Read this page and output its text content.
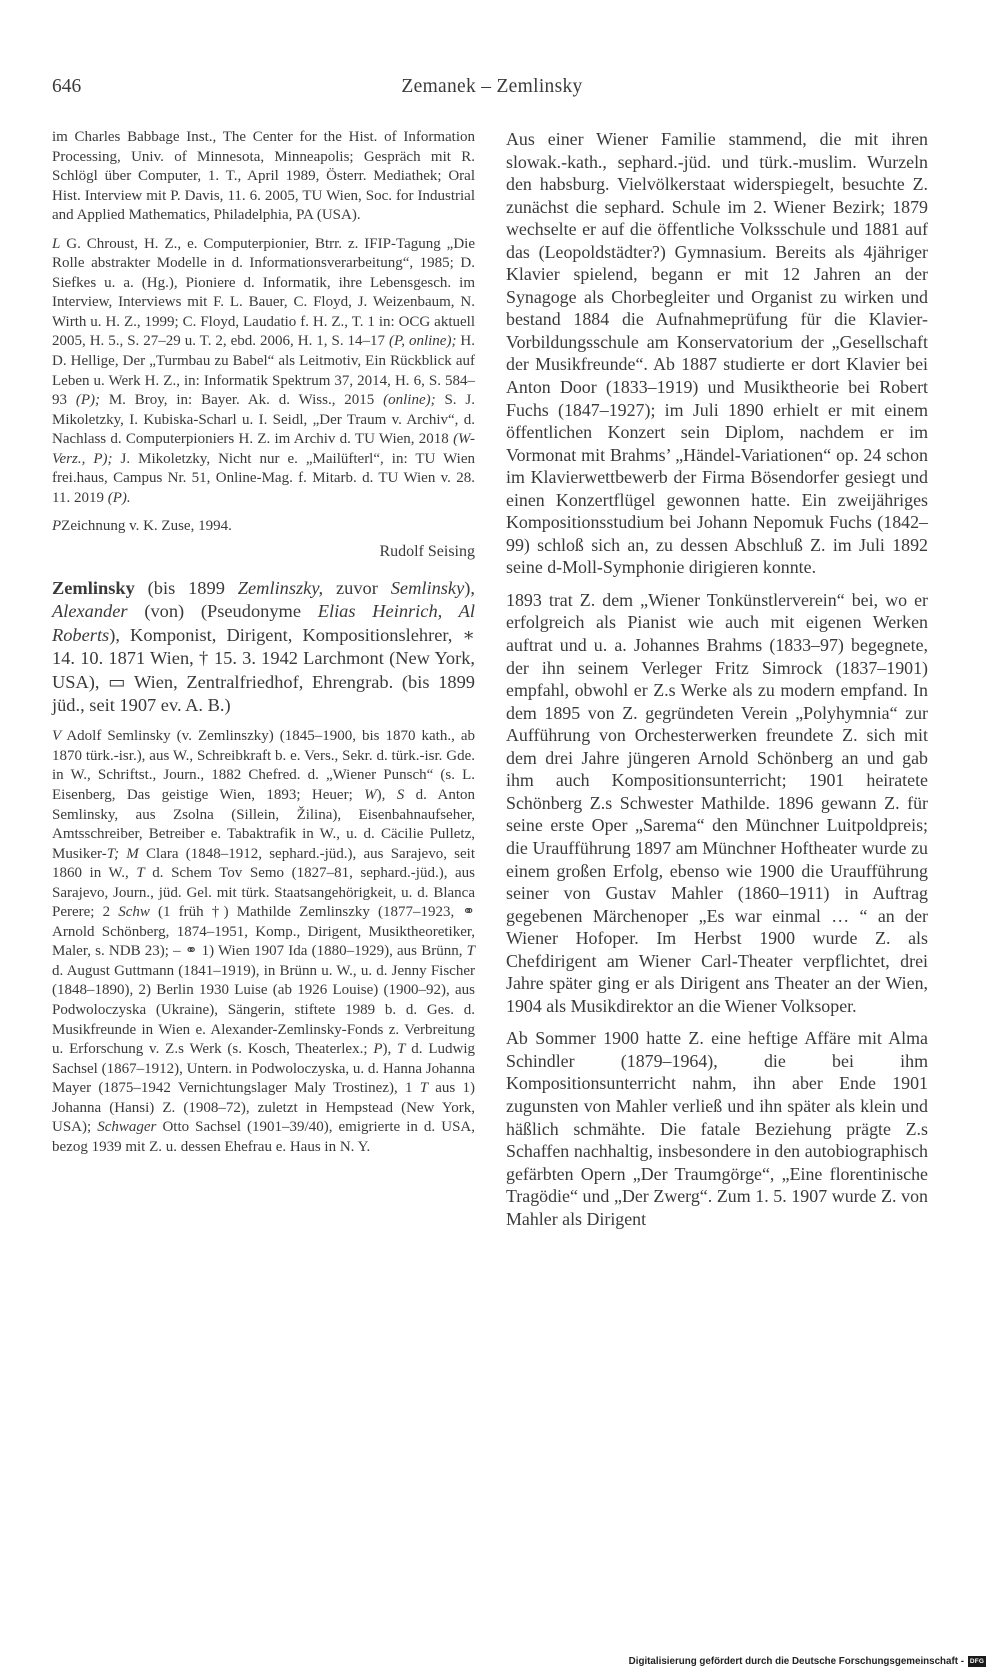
646	Zemanek – Zemlinsky

im Charles Babbage Inst., The Center for the Hist. of Information Processing, Univ. of Minnesota, Minneapolis; Gespräch mit R. Schlögl über Computer, 1. T., April 1989, Österr. Mediathek; Oral Hist. Interview mit P. Davis, 11. 6. 2005, TU Wien, Soc. for Industrial and Applied Mathematics, Philadelphia, PA (USA).

L G. Chroust, H. Z., e. Computerpionier, Btrr. z. IFIP-Tagung „Die Rolle abstrakter Modelle in d. Informationsverarbeitung“, 1985; D. Siefkes u. a. (Hg.), Pioniere d. Informatik, ihre Lebensgesch. im Interview, Interviews mit F. L. Bauer, C. Floyd, J. Weizenbaum, N. Wirth u. H. Z., 1999; C. Floyd, Laudatio f. H. Z., T. 1 in: OCG aktuell 2005, H. 5., S. 27–29 u. T. 2, ebd. 2006, H. 1, S. 14–17 (P, online); H. D. Hellige, Der „Turmbau zu Babel“ als Leitmotiv, Ein Rückblick auf Leben u. Werk H. Z., in: Informatik Spektrum 37, 2014, H. 6, S. 584–93 (P); M. Broy, in: Bayer. Ak. d. Wiss., 2015 (online); S. J. Mikoletzky, I. Kubiska-Scharl u. I. Seidl, „Der Traum v. Archiv“, d. Nachlass d. Computerpioniers H. Z. im Archiv d. TU Wien, 2018 (W-Verz., P); J. Mikoletzky, Nicht nur e. „Mailüfterl“, in: TU Wien frei.haus, Campus Nr. 51, Online-Mag. f. Mitarb. d. TU Wien v. 28. 11. 2019 (P).

PZeichnung v. K. Zuse, 1994.

Rudolf Seising

Zemlinsky (bis 1899 Zemlinszky, zuvor Semlinsky), Alexander (von) (Pseudonyme Elias Heinrich, Al Roberts), Komponist, Dirigent, Kompositionslehrer, ∗ 14. 10. 1871 Wien, † 15. 3. 1942 Larchmont (New York, USA), ▭ Wien, Zentralfriedhof, Ehrengrab. (bis 1899 jüd., seit 1907 ev. A. B.)

V Adolf Semlinsky (v. Zemlinszky) (1845–1900, bis 1870 kath., ab 1870 türk.-isr.), aus W., Schreibkraft b. e. Vers., Sekr. d. türk.-isr. Gde. in W., Schriftst., Journ., 1882 Chefred. d. „Wiener Punsch“ (s. L. Eisenberg, Das geistige Wien, 1893; Heuer; W), S d. Anton Semlinsky, aus Zsolna (Sillein, Žilina), Eisenbahnaufseher, Amtsschreiber, Betreiber e. Tabaktrafik in W., u. d. Cäcilie Pulletz, Musiker-T; M Clara (1848–1912, sephard.-jüd.), aus Sarajevo, seit 1860 in W., T d. Schem Tov Semo (1827–81, sephard.-jüd.), aus Sarajevo, Journ., jüd. Gel. mit türk. Staatsangehörigkeit, u. d. Blanca Perere; 2 Schw (1 früh †) Mathilde Zemlinszky (1877–1923, ⚭ Arnold Schönberg, 1874–1951, Komp., Dirigent, Musiktheoretiker, Maler, s. NDB 23); – ⚭ 1) Wien 1907 Ida (1880–1929), aus Brünn, T d. August Guttmann (1841–1919), in Brünn u. W., u. d. Jenny Fischer (1848–1890), 2) Berlin 1930 Luise (ab 1926 Louise) (1900–92), aus Podwoloczyska (Ukraine), Sängerin, stiftete 1989 b. d. Ges. d. Musikfreunde in Wien e. Alexander-Zemlinsky-Fonds z. Verbreitung u. Erforschung v. Z.s Werk (s. Kosch, Theaterlex.; P), T d. Ludwig Sachsel (1867–1912), Untern. in Podwoloczyska, u. d. Hanna Johanna Mayer (1875–1942 Vernichtungslager Maly Trostinez), 1 T aus 1) Johanna (Hansi) Z. (1908–72), zuletzt in Hempstead (New York, USA); Schwager Otto Sachsel (1901–39/40), emigrierte in d. USA, bezog 1939 mit Z. u. dessen Ehefrau e. Haus in N. Y.

Aus einer Wiener Familie stammend, die mit ihren slowak.-kath., sephard.-jüd. und türk.-muslim. Wurzeln den habsburg. Vielvölkerstaat widerspiegelt, besuchte Z. zunächst die sephard. Schule im 2. Wiener Bezirk; 1879 wechselte er auf die öffentliche Volksschule und 1881 auf das (Leopoldstädter?) Gymnasium. Bereits als 4jähriger Klavier spielend, begann er mit 12 Jahren an der Synagoge als Chorbegleiter und Organist zu wirken und bestand 1884 die Aufnahmeprüfung für die Klavier-Vorbildungsschule am Konservatorium der „Gesellschaft der Musikfreunde“. Ab 1887 studierte er dort Klavier bei Anton Door (1833–1919) und Musiktheorie bei Robert Fuchs (1847–1927); im Juli 1890 erhielt er mit einem öffentlichen Konzert sein Diplom, nachdem er im Vormonat mit Brahms’ „Händel-Variationen“ op. 24 schon im Klavierwettbewerb der Firma Bösendorfer gesiegt und einen Konzertflügel gewonnen hatte. Ein zweijähriges Kompositionsstudium bei Johann Nepomuk Fuchs (1842–99) schloß sich an, zu dessen Abschluß Z. im Juli 1892 seine d-Moll-Symphonie dirigieren konnte.

1893 trat Z. dem „Wiener Tonkünstlerverein“ bei, wo er erfolgreich als Pianist wie auch mit eigenen Werken auftrat und u. a. Johannes Brahms (1833–97) begegnete, der ihn seinem Verleger Fritz Simrock (1837–1901) empfahl, obwohl er Z.s Werke als zu modern empfand. In dem 1895 von Z. gegründeten Verein „Polyhymnia“ zur Aufführung von Orchesterwerken freundete Z. sich mit dem drei Jahre jüngeren Arnold Schönberg an und gab ihm auch Kompositionsunterricht; 1901 heiratete Schönberg Z.s Schwester Mathilde. 1896 gewann Z. für seine erste Oper „Sarema“ den Münchner Luitpoldpreis; die Uraufführung 1897 am Münchner Hoftheater wurde zu einem großen Erfolg, ebenso wie 1900 die Uraufführung seiner von Gustav Mahler (1860–1911) in Auftrag gegebenen Märchenoper „Es war einmal … “ an der Wiener Hofoper. Im Herbst 1900 wurde Z. als Chefdirigent am Wiener Carl-Theater verpflichtet, drei Jahre später ging er als Dirigent ans Theater an der Wien, 1904 als Musikdirektor an die Wiener Volksoper.

Ab Sommer 1900 hatte Z. eine heftige Affäre mit Alma Schindler (1879–1964), die bei ihm Kompositionsunterricht nahm, ihn aber Ende 1901 zugunsten von Mahler verließ und ihn später als klein und häßlich schmähte. Die fatale Beziehung prägte Z.s Schaffen nachhaltig, insbesondere in den autobiographisch gefärbten Opern „Der Traumgörge“, „Eine florentinische Tragödie“ und „Der Zwerg“. Zum 1. 5. 1907 wurde Z. von Mahler als Dirigent

Digitalisierung gefördert durch die Deutsche Forschungsgemeinschaft - DFG
